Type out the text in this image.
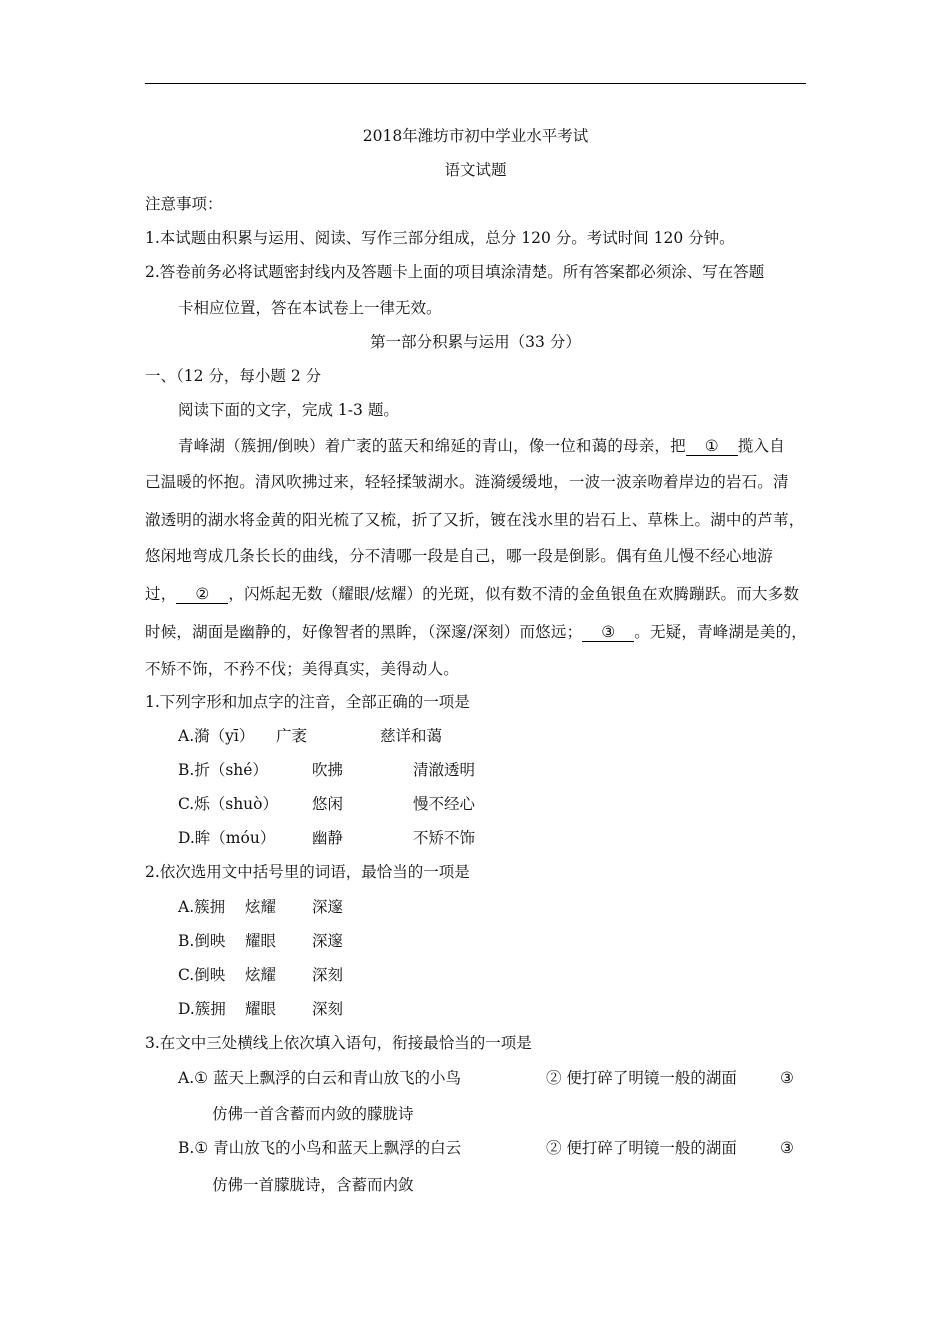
2018年潍坊市初中学业水平考试
语文试题
注意事项：
1.本试题由积累与运用、阅读、写作三部分组成，总分 120 分。考试时间 120 分钟。
2.答卷前务必将试题密封线内及答题卡上面的项目填涂清楚。所有答案都必须涂、写在答题
卡相应位置，答在本试卷上一律无效。
第一部分积累与运用（33 分）
一、（12 分，每小题 2 分
阅读下面的文字，完成 1-3 题。
青峰湖（簇拥/倒映）着广袤的蓝天和绵延的青山，像一位和蔼的母亲，把 ① 揽入自
己温暖的怀抱。清风吹拂过来，轻轻揉皱湖水。涟漪缓缓地，一波一波亲吻着岸边的岩石。清
澈透明的湖水将金黄的阳光梳了又梳，折了又折，镀在浅水里的岩石上、草株上。湖中的芦苇，
悠闲地弯成几条长长的曲线，分不清哪一段是自己，哪一段是倒影。偶有鱼儿慢不经心地游
过， ② ，闪烁起无数（耀眼/炫耀）的光斑，似有数不清的金鱼银鱼在欢腾蹦跃。而大多数
时候，湖面是幽静的，好像智者的黑眸，（深邃/深刻）而悠远； ③ 。无疑，青峰湖是美的，
不矫不饰，不矜不伐；美得真实，美得动人。
1.下列字形和加点字的注音，全部正确的一项是
A.漪（yī） 广袤	慈详和蔼
B.折（shé）	吹拂	清澈透明
C.烁（shuò） 悠闲	慢不经心
D.眸（móu） 幽静	不矫不饰
2.依次选用文中括号里的词语，最恰当的一项是
A.簇拥 炫耀 深邃
B.倒映 耀眼 深邃
C.倒映 炫耀 深刻
D.簇拥 耀眼 深刻
3.在文中三处横线上依次填入语句，衔接最恰当的一项是
A.① 蓝天上飘浮的白云和青山放飞的小鸟	② 便打碎了明镜一般的湖面	③
仿佛一首含蓄而内敛的朦胧诗
B.① 青山放飞的小鸟和蓝天上飘浮的白云	② 便打碎了明镜一般的湖面	③
仿佛一首朦胧诗，含蓄而内敛
